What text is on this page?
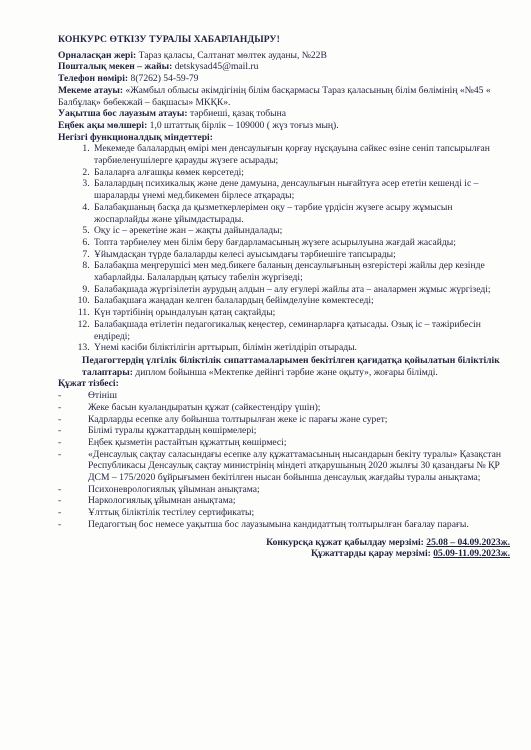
КОНКУРС ӨТКІЗУ ТУРАЛЫ ХАБАРЛАНДЫРУ!

Орналасқан жері: Тараз қаласы, Салтанат мөлтек ауданы, №22В

Пошталық мекен – жайы: detskysad45@mail.ru

Телефон нөмірі: 8(7262) 54-59-79

Мекеме атауы: «Жамбыл облысы әкімдігінің білім басқармасы Тараз қаласының білім бөлімінің «№45 « Балбұлақ» бөбекжай – бақшасы» МКҚК».

Уақытша бос лауазым атауы: тәрбиеші, қазақ тобына

Еңбек ақы мөлшері: 1,0 штаттық бірлік – 109000 ( жүз тоғыз мың).

Негізгі функционалдық міндеттері:

1. Мекемеде балалардың өмірі мен денсаулығын қорғау нұсқауына сәйкес өзіне сеніп тапсырылған тәрбиеленушілерге қарауды жүзеге асырады;
2. Балаларға алғашқы көмек көрсетеді;
3. Балалардың психикалық және дене дамуына, денсаулығын нығайтуға әсер ететін кешенді іс – шараларды үнемі мед.бикемен бірлесе атқарады;
4. Балабақшаның басқа да қызметкерлерімен оқу – тәрбие үрдісін жүзеге асыру жұмысын жоспарлайды және ұйымдастырады.
5. Оқу іс – әрекетіне жан – жақты дайындалады;
6. Топта тәрбиелеу мен білім беру бағдарламасының жүзеге асырылуына жағдай жасайды;
7. Ұйымдасқан түрде балаларды келесі ауысымдағы тәрбиешіге тапсырады;
8. Балабақша меңгерушісі мен мед.бикеге баланың денсаулығының өзгерістері жайлы дер кезінде хабарлайды. Балалардың қатысу табелін жүргізеді;
9. Балабақшада жүргізілетін аурудың алдын – алу егулері жайлы ата – аналармен жұмыс жүргізеді;
10. Балабақшаға жаңадан келген балалардың бейімделуіне көмектеседі;
11. Күн тәртібінің орындалуын қатаң сақтайды;
12. Балабақшада өтілетін педагогикалық кеңестер, семинарларға қатысады. Озық іс – тәжірибесін ендіреді;
13. Үнемі кәсіби біліктілігін арттырып, білімін жетілдіріп отырады.

Педагогтердің үлгілік біліктілік сипаттамаларымен бекітілген қағидатқа қойылатын біліктілік талаптары: диплом бойынша «Мектепке дейінгі тәрбие және оқыту», жоғары білімді.

Құжат тізбесі:

-	Өтініш
-	Жеке басын куәландыратын құжат (сәйкестендіру үшін);
-	Кадрларды есепке алу бойынша толтырылған жеке іс парағы және сурет;
-	Білімі туралы құжаттардың көшірмелері;
-	Еңбек қызметін растайтын құжаттың көшірмесі;
-	«Денсаулық сақтау саласындағы есепке алу құжаттамасының нысандарын бекіту туралы» Қазақстан Республикасы Денсаулық сақтау министрінің міндеті атқарушының 2020 жылғы 30 қазандағы № ҚР ДСМ – 175/2020 бұйрығымен бекітілген нысан бойынша денсаулық жағдайы туралы анықтама;
-	Психоневрологиялық ұйымнан анықтама;
-	Наркологиялық ұйымнан анықтама;
-	Ұлттық біліктілік тестілеу сертификаты;
-	Педагогтың бос немесе уақытша бос лауазымына кандидаттың толтырылған бағалау парағы.
Конкурсқа құжат қабылдау мерзімі: 25.08 – 04.09.2023ж.
Құжаттарды қарау мерзімі: 05.09-11.09.2023ж.
